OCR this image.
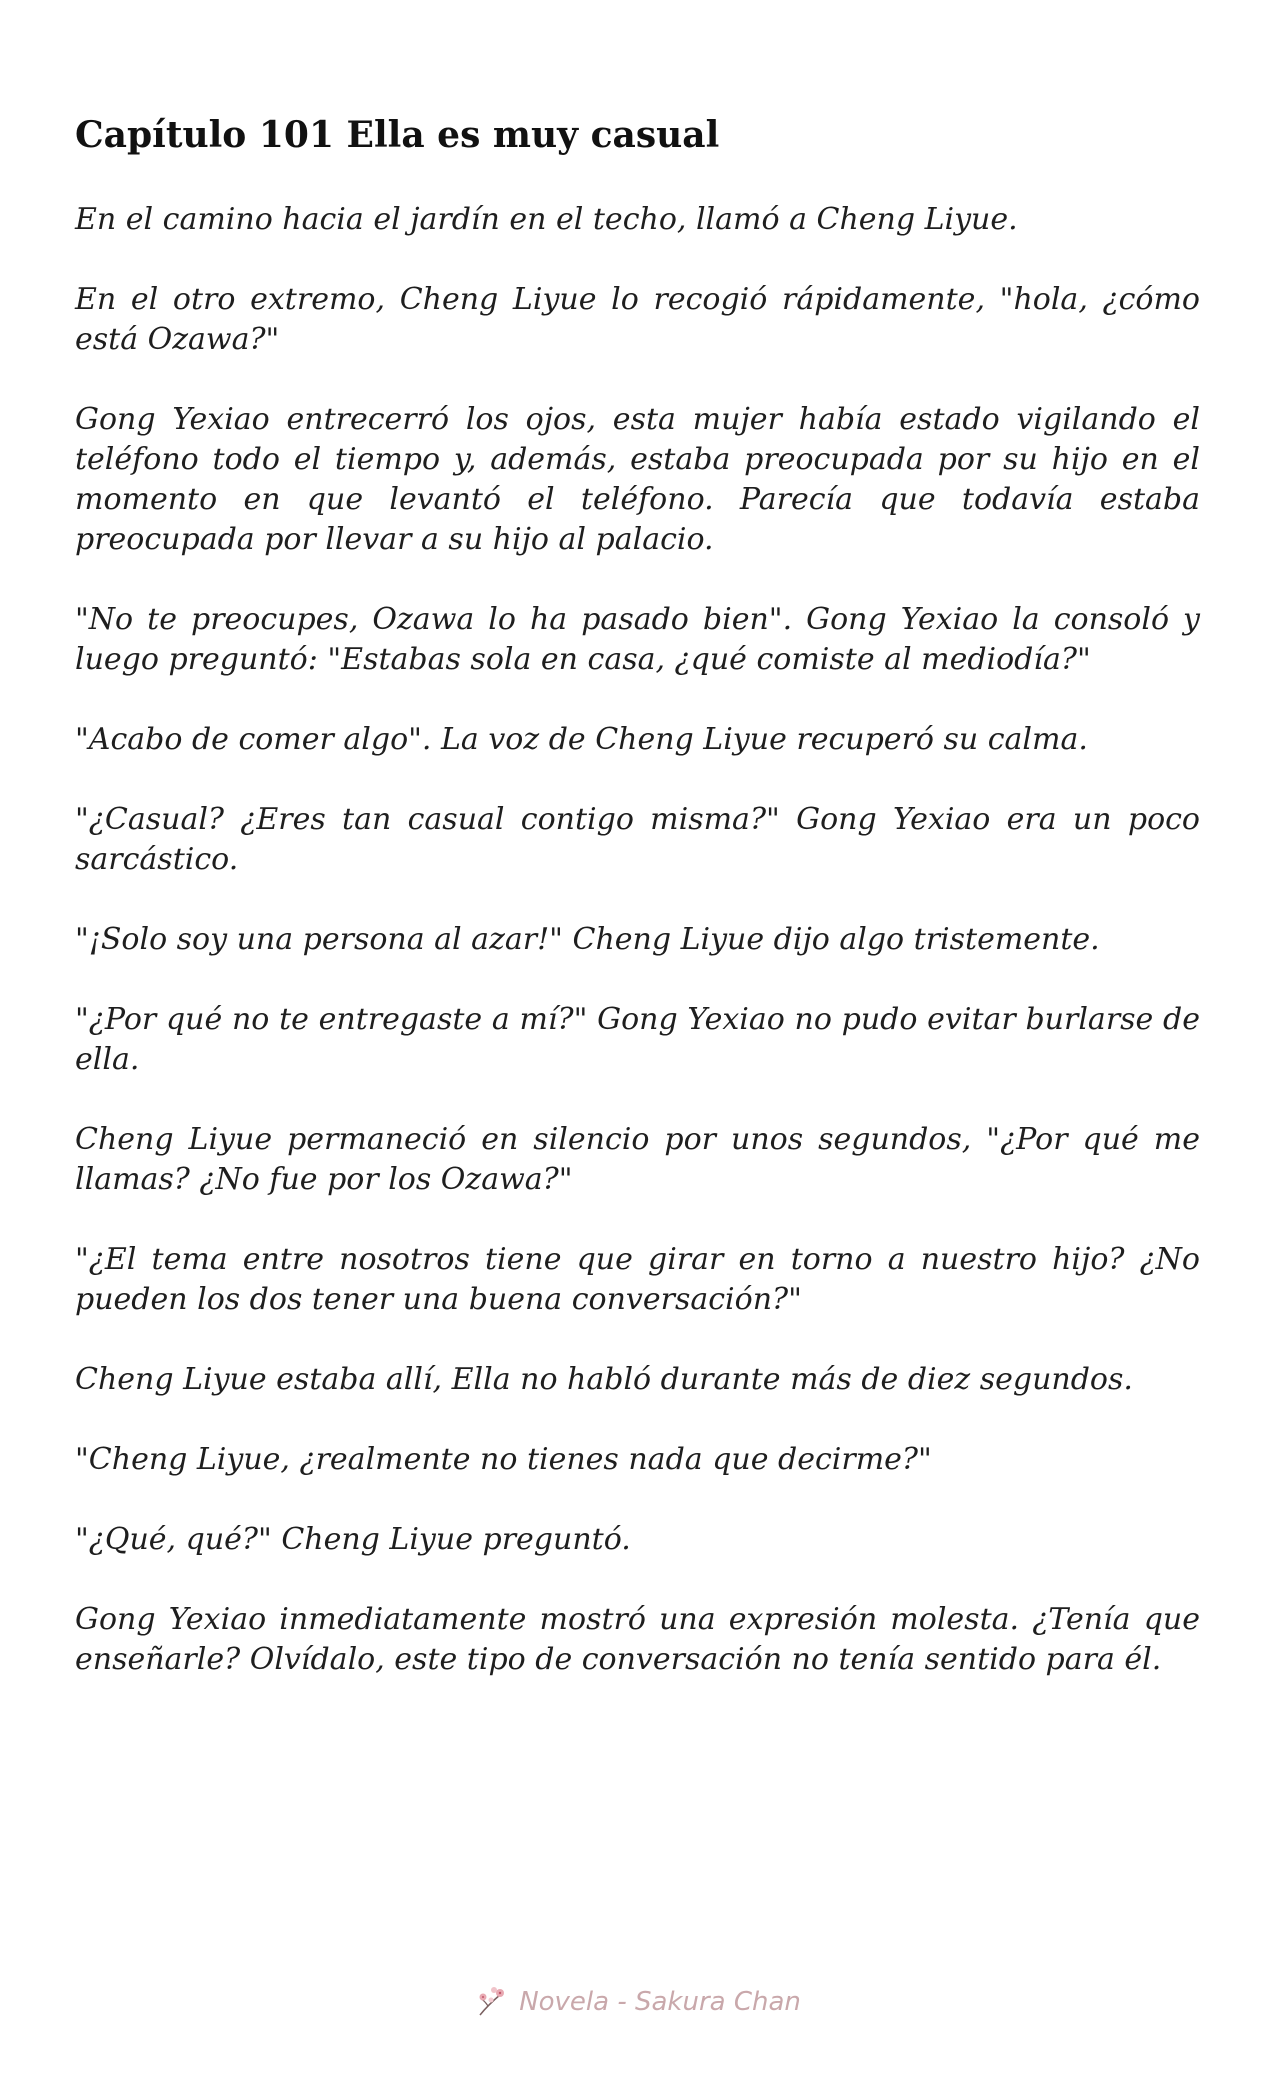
Capítulo 101 Ella es muy casual

En el camino hacia el jardín en el techo, llamó a Cheng Liyue.

En el otro extremo, Cheng Liyue lo recogió rápidamente, "hola, ¿cómo está Ozawa?"

Gong Yexiao entrecerró los ojos, esta mujer había estado vigilando el teléfono todo el tiempo y, además, estaba preocupada por su hijo en el momento en que levantó el teléfono. Parecía que todavía estaba preocupada por llevar a su hijo al palacio.

"No te preocupes, Ozawa lo ha pasado bien". Gong Yexiao la consoló y luego preguntó: "Estabas sola en casa, ¿qué comiste al mediodía?"

"Acabo de comer algo". La voz de Cheng Liyue recuperó su calma.

"¿Casual? ¿Eres tan casual contigo misma?" Gong Yexiao era un poco sarcástico.

"¡Solo soy una persona al azar!" Cheng Liyue dijo algo tristemente.

"¿Por qué no te entregaste a mí?" Gong Yexiao no pudo evitar burlarse de ella.

Cheng Liyue permaneció en silencio por unos segundos, "¿Por qué me llamas? ¿No fue por los Ozawa?"

"¿El tema entre nosotros tiene que girar en torno a nuestro hijo? ¿No pueden los dos tener una buena conversación?"

Cheng Liyue estaba allí, Ella no habló durante más de diez segundos.

"Cheng Liyue, ¿realmente no tienes nada que decirme?"

"¿Qué, qué?" Cheng Liyue preguntó.

Gong Yexiao inmediatamente mostró una expresión molesta. ¿Tenía que enseñarle? Olvídalo, este tipo de conversación no tenía sentido para él.

Novela - Sakura Chan
